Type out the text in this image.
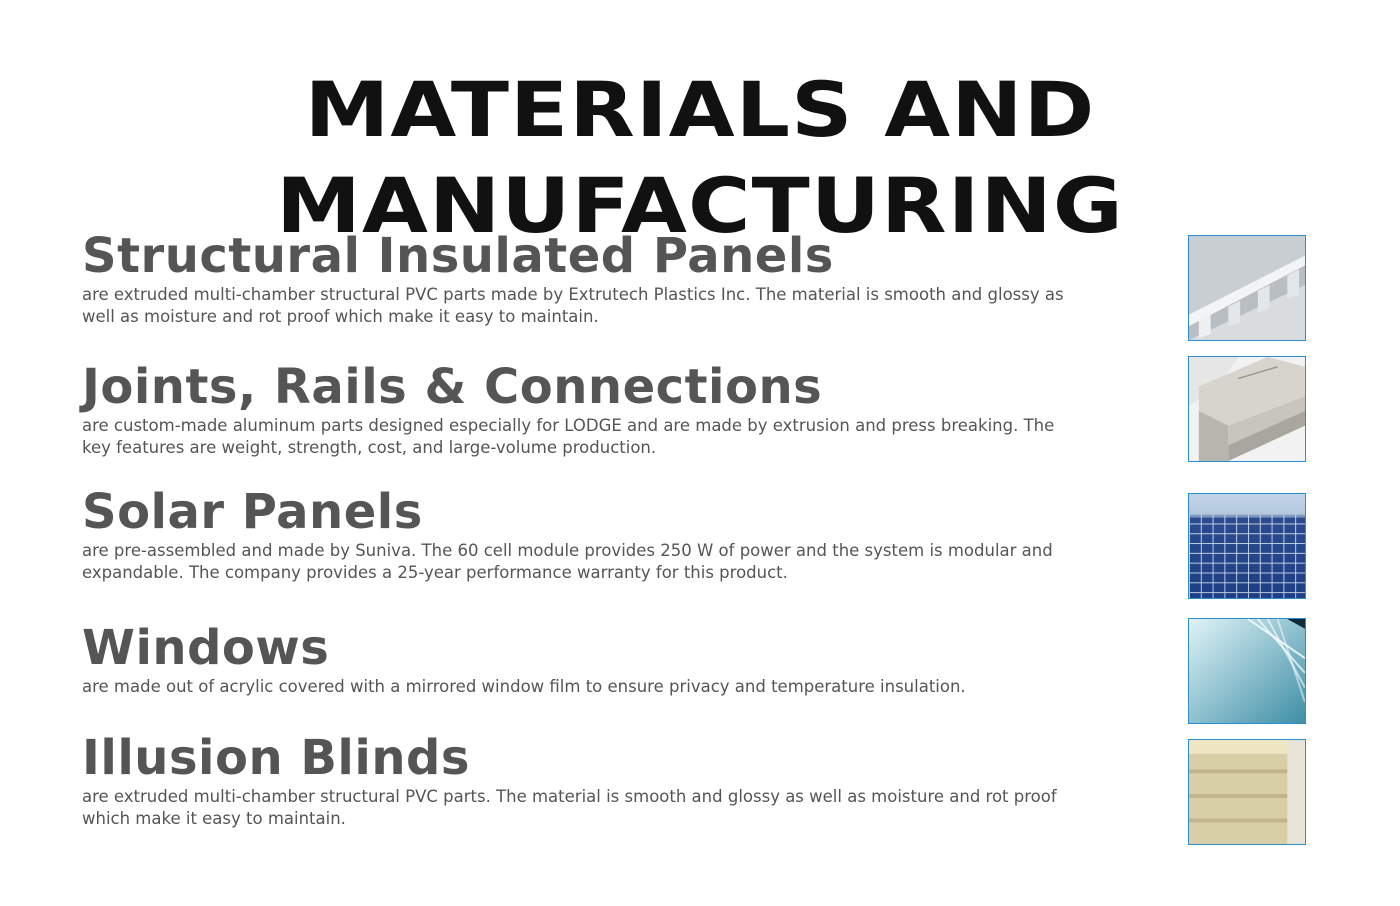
MATERIALS AND MANUFACTURING
Structural Insulated Panels

are extruded multi-chamber structural PVC parts made by Extrutech Plastics Inc. The material is smooth and glossy as well as moisture and rot proof which make it easy to maintain.

Joints, Rails & Connections

are custom-made aluminum parts designed especially for LODGE and are made by extrusion and press breaking. The key features are weight, strength, cost, and large-volume production.

Solar Panels

are pre-assembled and made by Suniva. The 60 cell module provides 250 W of power and the system is modular and expandable. The company provides a 25-year performance warranty for this product.

Windows

are made out of acrylic covered with a mirrored window film to ensure privacy and temperature insulation.

Illusion Blinds

are extruded multi-chamber structural PVC parts. The material is smooth and glossy as well as moisture and rot proof which make it easy to maintain.
